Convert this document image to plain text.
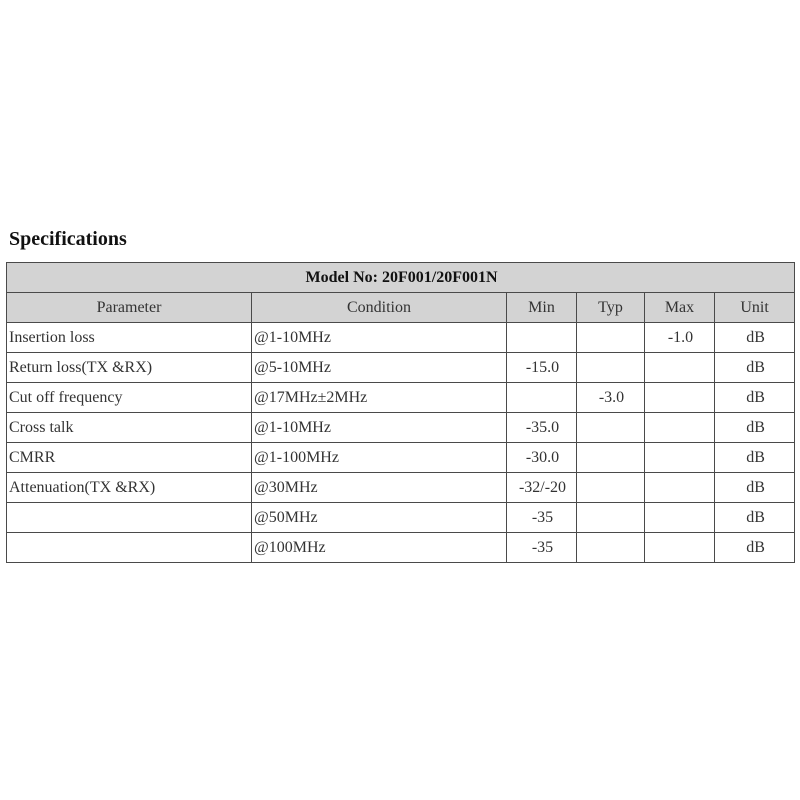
Specifications
Model No: 20F001/20F001N					
Parameter	Condition	Min	Typ	Max	Unit
Insertion loss	@1-10MHz			-1.0	dB
Return loss(TX &RX)	@5-10MHz	-15.0			dB
Cut off frequency	@17MHz±2MHz		-3.0		dB
Cross talk	@1-10MHz	-35.0			dB
CMRR	@1-100MHz	-30.0			dB
Attenuation(TX &RX)	@30MHz	-32/-20			dB
	@50MHz	-35			dB
	@100MHz	-35			dB
